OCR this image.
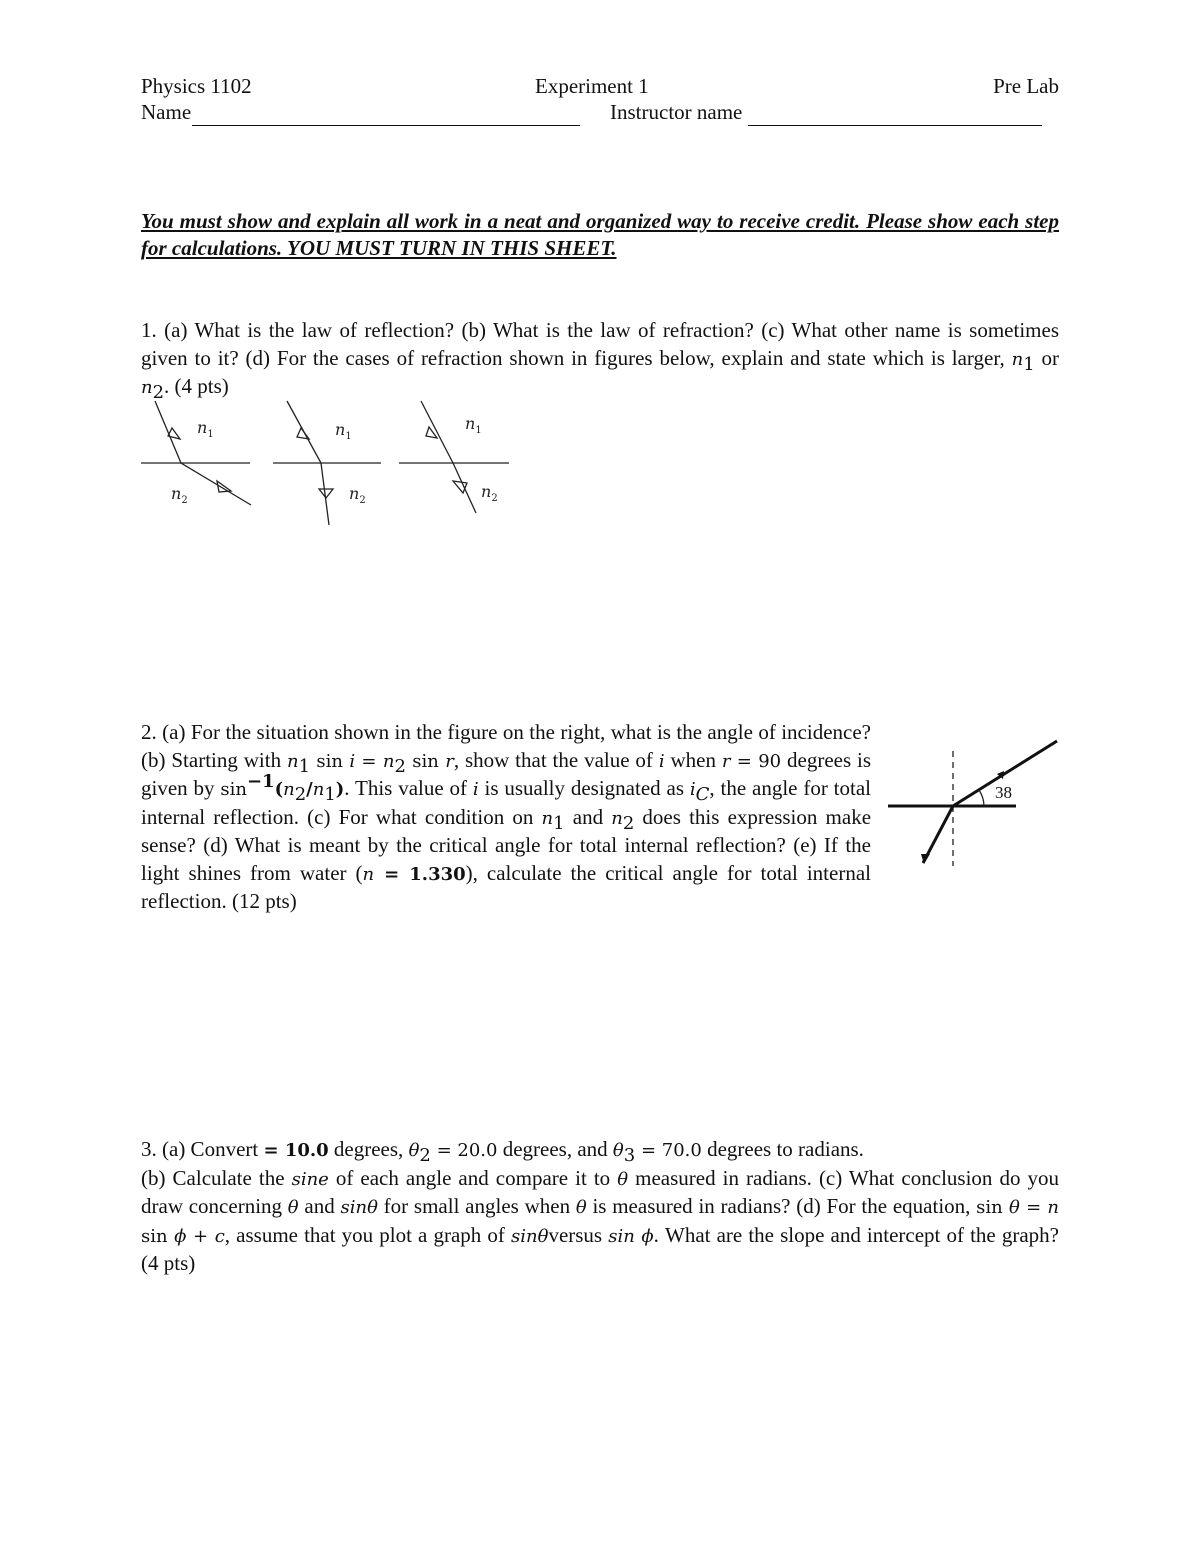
Physics 1102	Experiment 1	Pre Lab
Name	Instructor name
You must show and explain all work in a neat and organized way to receive credit. Please show each step for calculations. YOU MUST TURN IN THIS SHEET.

1. (a) What is the law of reflection? (b) What is the law of refraction? (c) What other name is sometimes given to it? (d) For the cases of refraction shown in figures below, explain and state which is larger, $n_1$ or $n_2$. (4 pts)

2. (a) For the situation shown in the figure on the right, what is the angle of incidence? (b) Starting with $n_1$ $\sin i = n_2$ sin r, show that the value of i when r = 90 degrees is given by $\sin^{-1}(n_2/n_1)$. This value of i is usually designated as $i_C$, the angle for total internal reflection. (c) For what condition on $n_1$ and $n_2$ does this expression make sense? (d) What is meant by the critical angle for total internal reflection? (e) If the light shines from water (n = 1.330), calculate the critical angle for total internal reflection. (12 pts)

3. (a) Convert = 10.0 degrees, $\theta_2 = 20.0$ degrees, and $\theta_3 = 70.0$ degrees to radians.

(b) Calculate the sine of each angle and compare it to θ measured in radians. (c) What conclusion do you draw concerning θ and sinθ for small angles when θ is measured in radians? (d) For the equation, sin θ = n sin ϕ + c, assume that you plot a graph of sinθversus sin ϕ. What are the slope and intercept of the graph? (4 pts)

$n_1$
$n_2$
$n_1$
$n_2$
$n_1$
$n_2$
38
